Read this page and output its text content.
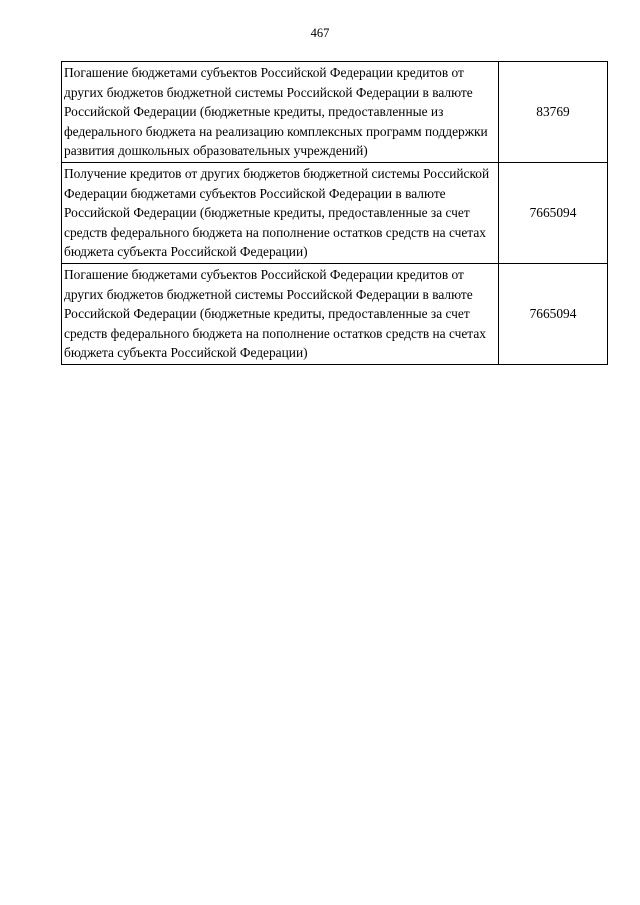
467
Погашение бюджетами субъектов Российской Федерации кредитов от других бюджетов бюджетной системы Российской Федерации в валюте Российской Федерации (бюджетные кредиты, предоставленные из федерального бюджета на реализацию комплексных программ поддержки развития дошкольных образовательных учреждений)	83769
Получение кредитов от других бюджетов бюджетной системы Российской Федерации бюджетами субъектов Российской Федерации в валюте Российской Федерации (бюджетные кредиты, предоставленные за счет средств федерального бюджета на пополнение остатков средств на счетах бюджета субъекта Российской Федерации)	7665094
Погашение бюджетами субъектов Российской Федерации кредитов от других бюджетов бюджетной системы Российской Федерации в валюте Российской Федерации (бюджетные кредиты, предоставленные за счет средств федерального бюджета на пополнение остатков средств на счетах бюджета субъекта Российской Федерации)	7665094
